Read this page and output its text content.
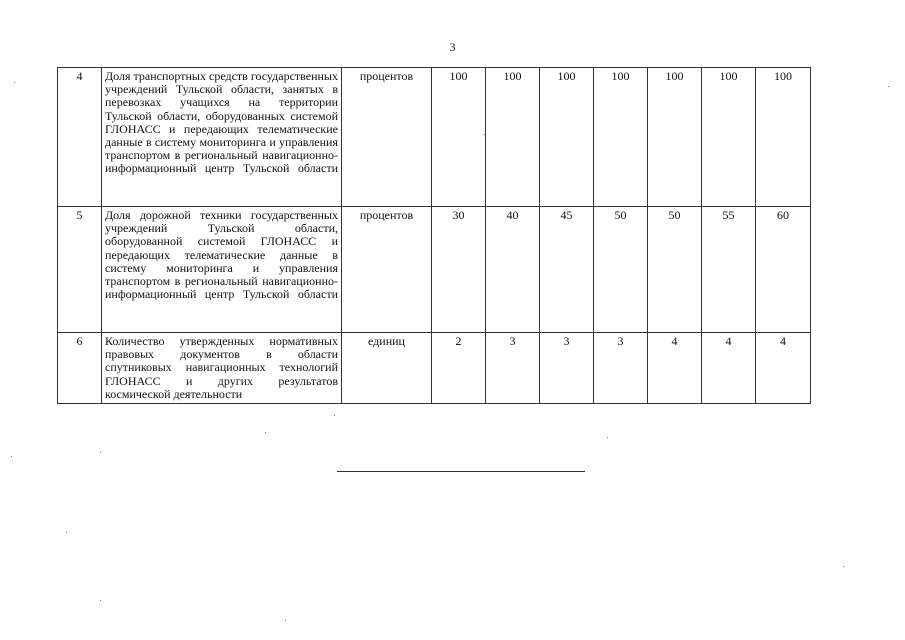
3
4	Доля транспортных средств государственных учреждений Тульской области, занятых в перевозках учащихся на территории Тульской области, оборудованных системой ГЛОНАСС и передающих телематические данные в систему мониторинга и управления транспортом в региональный навигационно-информационный центр Тульской области	процентов	100	100	100	100	100	100	100
5	Доля дорожной техники государственных учреждений Тульской области, оборудованной системой ГЛОНАСС и передающих телематические данные в систему мониторинга и управления транспортом в региональный навигационно-информационный центр Тульской области	процентов	30	40	45	50	50	55	60
6	Количество утвержденных нормативных правовых документов в области спутниковых навигационных технологий ГЛОНАСС и других результатов космической деятельности	единиц	2	3	3	3	4	4	4
